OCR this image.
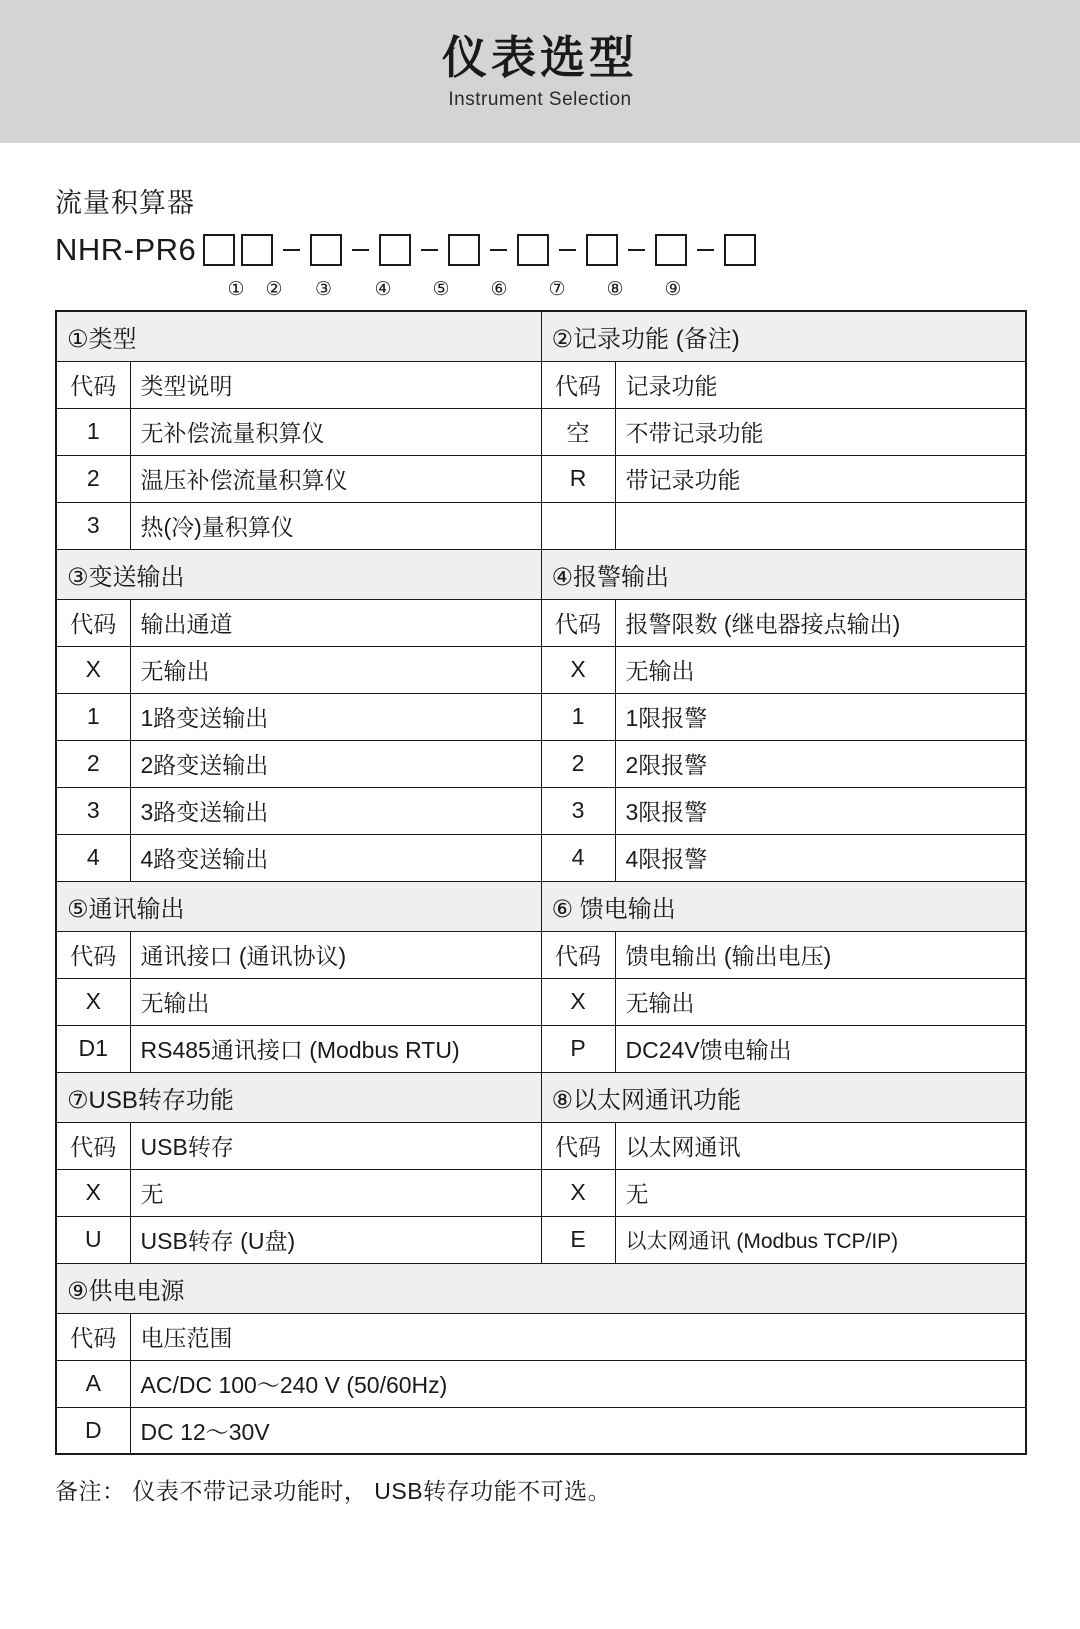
仪表选型
Instrument Selection
流量积算器
NHR-PR6
①	②	③	④	⑤	⑥	⑦	⑧	⑨
①类型		②记录功能 (备注)	
代码	类型说明	代码	记录功能
1	无补偿流量积算仪	空	不带记录功能
2	温压补偿流量积算仪	R	带记录功能
3	热(冷)量积算仪		
③变送输出		④报警输出	
代码	输出通道	代码	报警限数 (继电器接点输出)
X	无输出	X	无输出
1	1路变送输出	1	1限报警
2	2路变送输出	2	2限报警
3	3路变送输出	3	3限报警
4	4路变送输出	4	4限报警
⑤通讯输出		⑥ 馈电输出	
代码	通讯接口 (通讯协议)	代码	馈电输出 (输出电压)
X	无输出	X	无输出
D1	RS485通讯接口 (Modbus RTU)	P	DC24V馈电输出
⑦USB转存功能		⑧以太网通讯功能	
代码	USB转存	代码	以太网通讯
X	无	X	无
U	USB转存 (U盘)	E	以太网通讯 (Modbus TCP/IP)
⑨供电电源			
代码	电压范围		
A	AC/DC 100～240 V (50/60Hz)		
D	DC 12～30V		
备注： 仪表不带记录功能时， USB转存功能不可选。
